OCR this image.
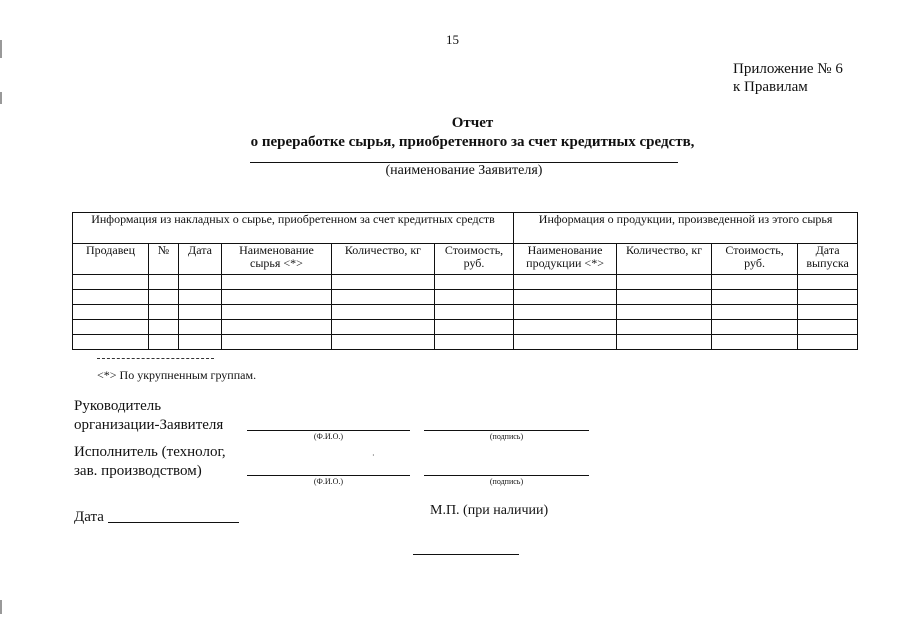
15
Приложение № 6
к Правилам
Отчет
о переработке сырья, приобретенного за счет кредитных средств,
(наименование Заявителя)
Информация из накладных о сырье, приобретенном за счет кредитных средств						Информация о продукции, произведенной из этого сырья			
Продавец	№	Дата	Наименование сырья <*>	Количество, кг	Стоимость, руб.	Наименование продукции <*>	Количество, кг	Стоимость, руб.	Дата выпуска

<*> По укрупненным группам.
Руководитель
организации-Заявителя
(Ф.И.О.)	(подпись)
Исполнитель (технолог,
зав. производством)
·
(Ф.И.О.)	(подпись)
Дата	М.П. (при наличии)
